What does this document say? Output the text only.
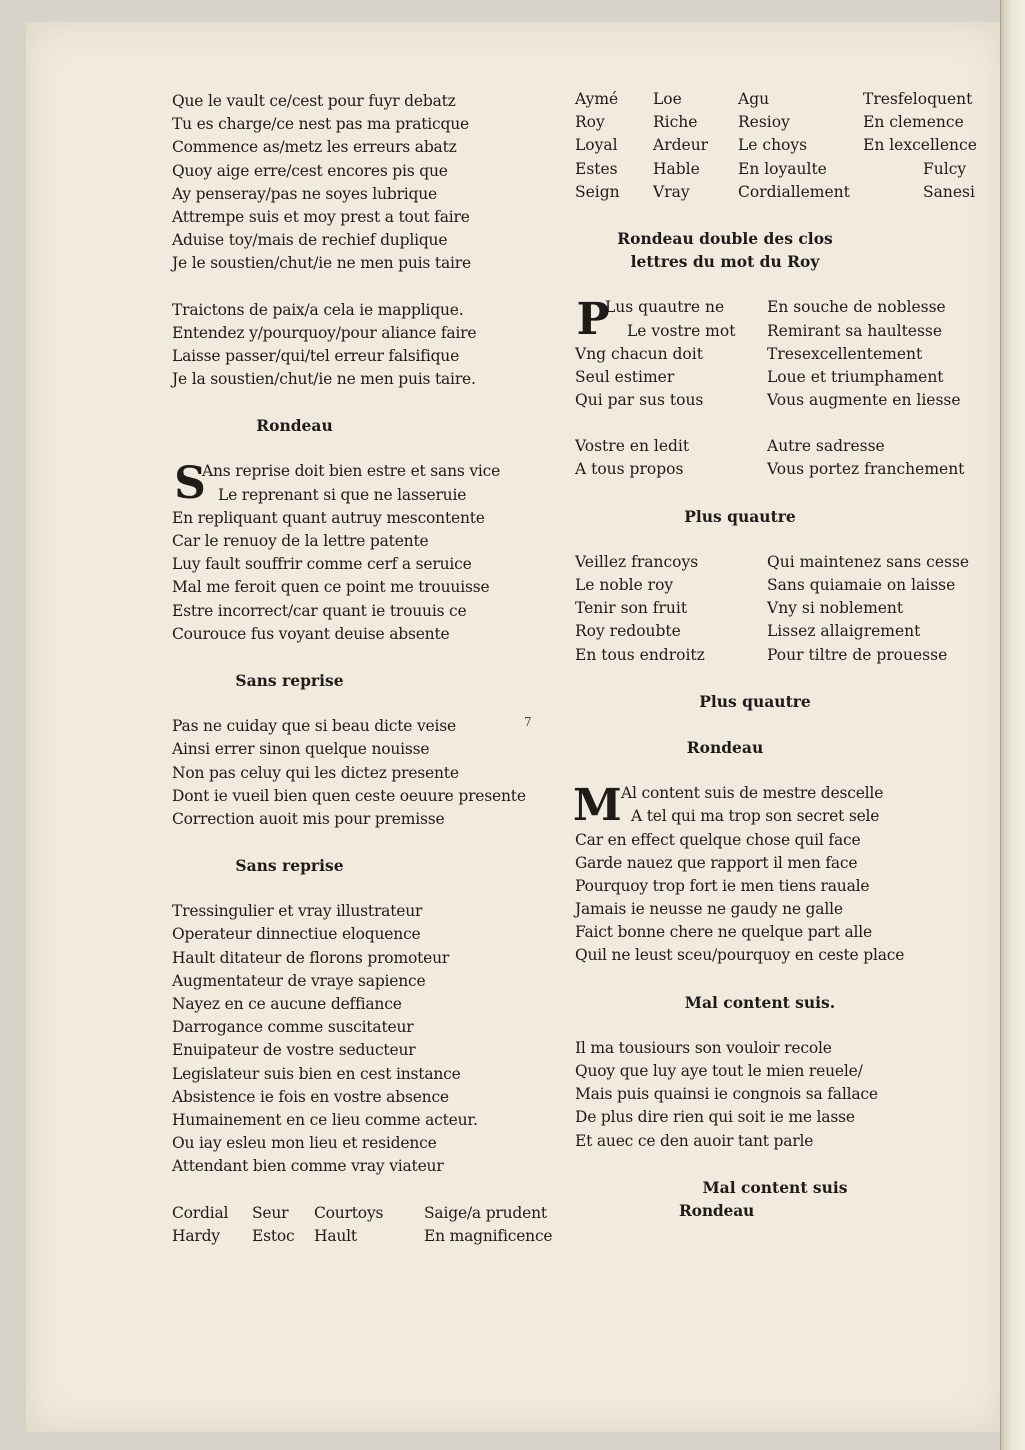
Que le vault ce/cest pour fuyr debatz
Tu es charge/ce nest pas ma praticque
Commence as/metz les erreurs abatz
Quoy aige erre/cest encores pis que
Ay penseray/pas ne soyes lubrique
Attrempe suis et moy prest a tout faire
Aduise toy/mais de rechief duplique
Je le soustien/chut/ie ne men puis taire
Traictons de paix/a cela ie mapplique.
Entendez y/pourquoy/pour aliance faire
Laisse passer/qui/tel erreur falsifique
Je la soustien/chut/ie ne men puis taire.
Rondeau
S
Ans reprise doit bien estre et sans vice
Le reprenant si que ne lasseruie
En repliquant quant autruy mescontente
Car le renuoy de la lettre patente
Luy fault souffrir comme cerf a seruice
Mal me feroit quen ce point me trouuisse
Estre incorrect/car quant ie trouuis ce
Courouce fus voyant deuise absente
Sans reprise
Pas ne cuiday que si beau dicte veise
Ainsi errer sinon quelque nouisse
Non pas celuy qui les dictez presente
Dont ie vueil bien quen ceste oeuure presente
Correction auoit mis pour premisse
7
Sans reprise
Tressingulier et vray illustrateur
Operateur dinnectiue eloquence
Hault ditateur de florons promoteur
Augmentateur de vraye sapience
Nayez en ce aucune deffiance
Darrogance comme suscitateur
Enuipateur de vostre seducteur
Legislateur suis bien en cest instance
Absistence ie fois en vostre absence
Humainement en ce lieu comme acteur.
Ou iay esleu mon lieu et residence
Attendant bien comme vray viateur
Cordial	Seur	Courtoys	Saige/a prudent
Hardy	Estoc	Hault	En magnificence
Aymé	Loe	Agu	Tresfeloquent
Roy	Riche	Resioy	En clemence
Loyal	Ardeur	Le choys	En lexcellence
Estes	Hable	En loyaulte	Fulcy
Seign	Vray	Cordiallement	Sanesi
Rondeau double des clos
lettres du mot du Roy
P
Lus quautre ne	En souche de noblesse
Le vostre mot	Remirant sa haultesse
Vng chacun doit	Tresexcellentement
Seul estimer	Loue et triumphament
Qui par sus tous	Vous augmente en liesse
Vostre en ledit	Autre sadresse
A tous propos	Vous portez franchement
Plus quautre
Veillez francoys	Qui maintenez sans cesse
Le noble roy	Sans quiamaie on laisse
Tenir son fruit	Vny si noblement
Roy redoubte	Lissez allaigrement
En tous endroitz	Pour tiltre de prouesse
Plus quautre
Rondeau
M Al content suis de mestre descelle
A tel qui ma trop son secret sele
Car en effect quelque chose quil face
Garde nauez que rapport il men face
Pourquoy trop fort ie men tiens rauale
Jamais ie neusse ne gaudy ne galle
Faict bonne chere ne quelque part alle
Quil ne leust sceu/pourquoy en ceste place
Mal content suis.
Il ma tousiours son vouloir recole
Quoy que luy aye tout le mien reuele/
Mais puis quainsi ie congnois sa fallace
De plus dire rien qui soit ie me lasse
Et auec ce den auoir tant parle
Mal content suis
Rondeau
